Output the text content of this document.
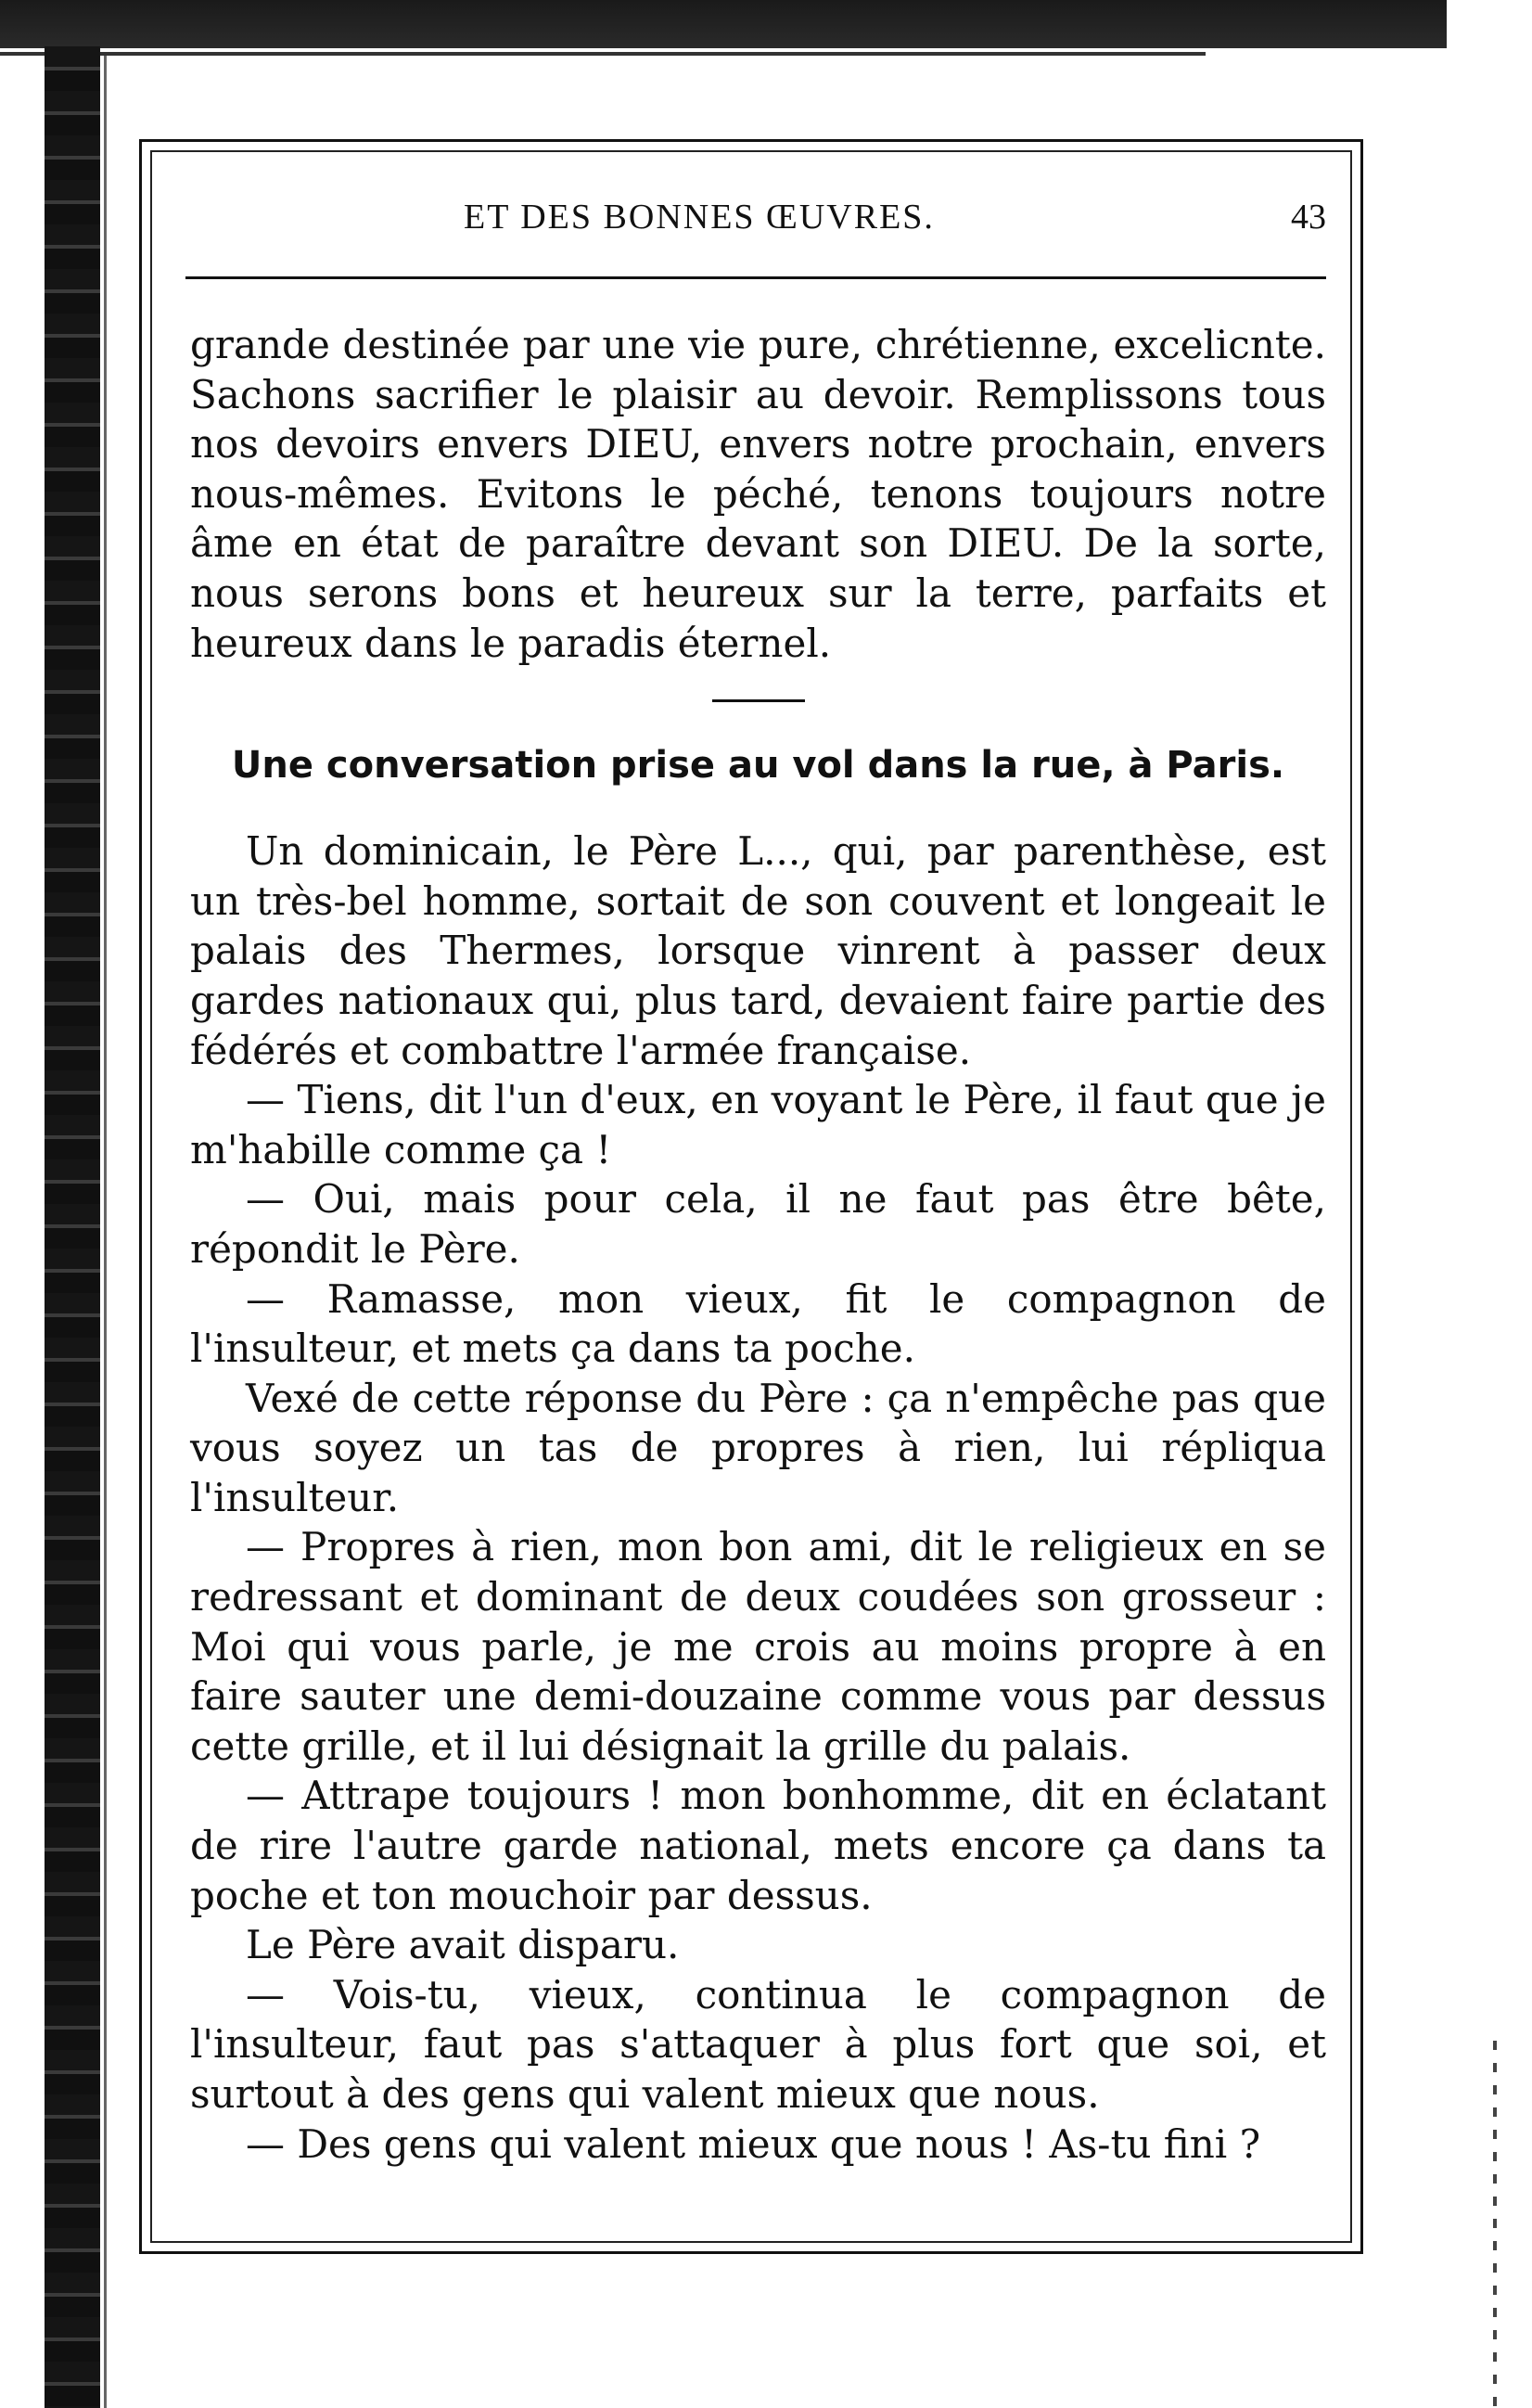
ET DES BONNES ŒUVRES.	43

grande destinée par une vie pure, chrétienne, excelicnte. Sachons sacrifier le plaisir au devoir. Remplissons tous nos devoirs envers DIEU, envers notre prochain, envers nous-mêmes. Evitons le péché, tenons toujours notre âme en état de paraître devant son DIEU. De la sorte, nous serons bons et heureux sur la terre, parfaits et heureux dans le paradis éternel.

Une conversation prise au vol dans la rue, à Paris.

Un dominicain, le Père L..., qui, par parenthèse, est un très-bel homme, sortait de son couvent et longeait le palais des Thermes, lorsque vinrent à passer deux gardes nationaux qui, plus tard, devaient faire partie des fédérés et combattre l'armée française.

— Tiens, dit l'un d'eux, en voyant le Père, il faut que je m'habille comme ça !

— Oui, mais pour cela, il ne faut pas être bête, répondit le Père.

— Ramasse, mon vieux, fit le compagnon de l'insulteur, et mets ça dans ta poche.

Vexé de cette réponse du Père : ça n'empêche pas que vous soyez un tas de propres à rien, lui répliqua l'insulteur.

— Propres à rien, mon bon ami, dit le religieux en se redressant et dominant de deux coudées son grosseur : Moi qui vous parle, je me crois au moins propre à en faire sauter une demi-douzaine comme vous par dessus cette grille, et il lui désignait la grille du palais.

— Attrape toujours ! mon bonhomme, dit en éclatant de rire l'autre garde national, mets encore ça dans ta poche et ton mouchoir par dessus.

Le Père avait disparu.

— Vois-tu, vieux, continua le compagnon de l'insulteur, faut pas s'attaquer à plus fort que soi, et surtout à des gens qui valent mieux que nous.

— Des gens qui valent mieux que nous ! As-tu fini ?
